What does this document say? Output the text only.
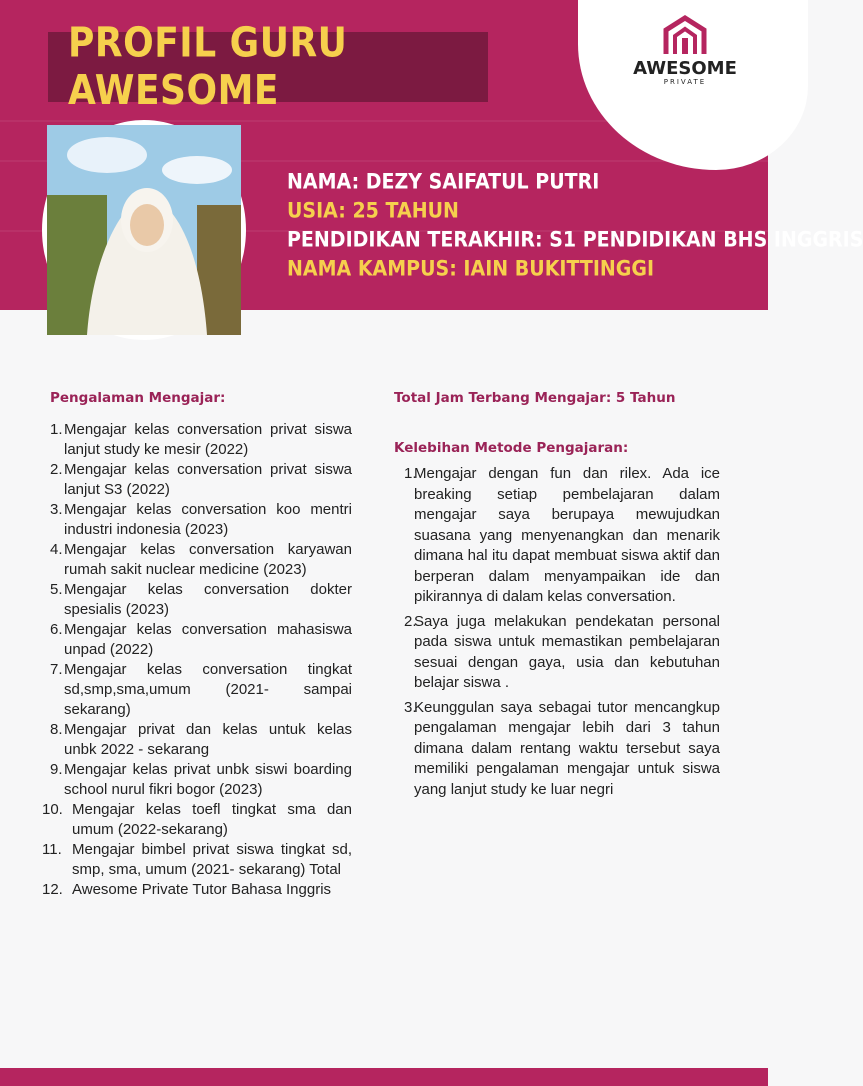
PROFIL GURU AWESOME	AWESOME
PRIVATE
NAMA: DEZY SAIFATUL PUTRI
USIA: 25 TAHUN
PENDIDIKAN TERAKHIR: S1 PENDIDIKAN BHS INGGRIS
NAMA KAMPUS: IAIN BUKITTINGGI
Pengalaman Mengajar:
1. Mengajar kelas conversation privat siswa lanjut study ke mesir (2022)
2. Mengajar kelas conversation privat siswa lanjut S3 (2022)
3. Mengajar kelas conversation koo mentri industri indonesia (2023)
4. Mengajar kelas conversation karyawan rumah sakit nuclear medicine (2023)
5. Mengajar kelas conversation dokter spesialis (2023)
6. Mengajar kelas conversation mahasiswa unpad (2022)
7. Mengajar kelas conversation tingkat sd,smp,sma,umum (2021- sampai sekarang)
8. Mengajar privat dan kelas untuk kelas unbk 2022 - sekarang
9. Mengajar kelas privat unbk siswi boarding school nurul fikri bogor (2023)
10. Mengajar kelas toefl tingkat sma dan umum (2022-sekarang)
11. Mengajar bimbel privat siswa tingkat sd, smp, sma, umum (2021- sekarang) Total
12. Awesome Private Tutor Bahasa Inggris
Total Jam Terbang Mengajar: 5 Tahun
Kelebihan Metode Pengajaran:
1.
Mengajar dengan fun dan rilex. Ada ice breaking setiap pembelajaran dalam mengajar saya berupaya mewujudkan suasana yang menyenangkan dan menarik dimana hal itu dapat membuat siswa aktif dan berperan dalam menyampaikan ide dan pikirannya di dalam kelas conversation.
2.
Saya juga melakukan pendekatan personal pada siswa untuk memastikan pembelajaran sesuai dengan gaya, usia dan kebutuhan belajar siswa .
3.
Keunggulan saya sebagai tutor mencangkup pengalaman mengajar lebih dari 3 tahun dimana dalam rentang waktu tersebut saya memiliki pengalaman mengajar untuk siswa yang lanjut study ke luar negri
